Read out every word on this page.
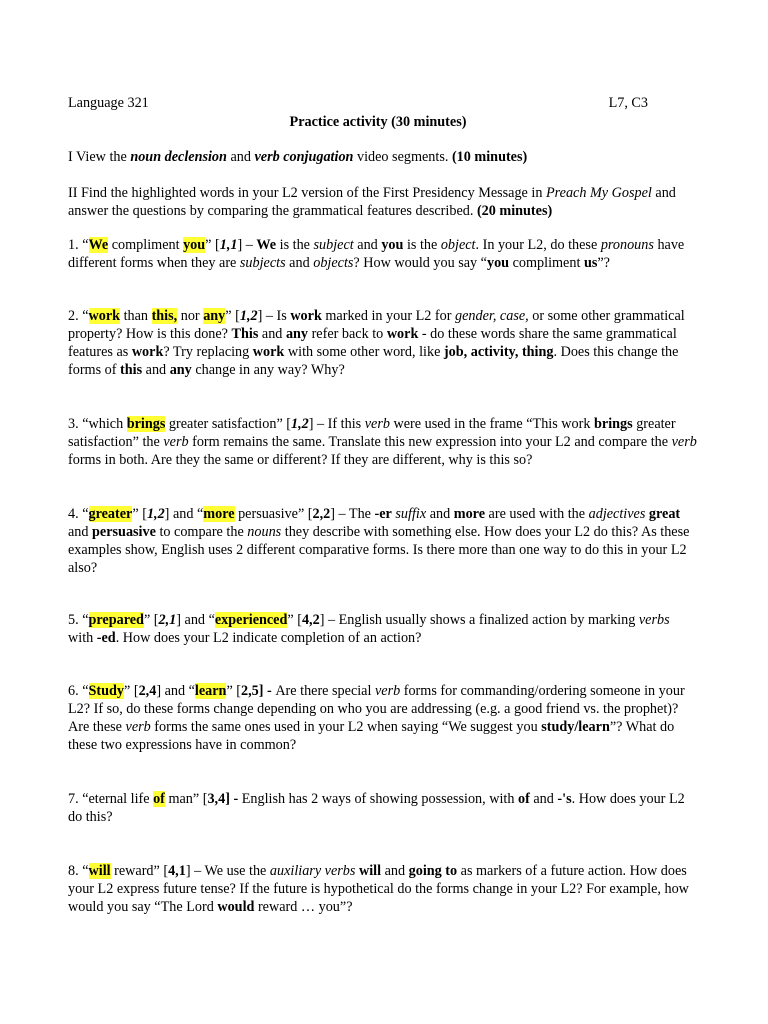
Language 321	L7, C3
Practice activity (30 minutes)

I View the noun declension and verb conjugation video segments. (10 minutes)

II Find the highlighted words in your L2 version of the First Presidency Message in Preach My Gospel and answer the questions by comparing the grammatical features described. (20 minutes)

1. “We compliment you” [1,1] – We is the subject and you is the object. In your L2, do these pronouns have different forms when they are subjects and objects? How would you say “you compliment us”?

2. “work than this, nor any” [1,2] – Is work marked in your L2 for gender, case, or some other grammatical property? How is this done? This and any refer back to work - do these words share the same grammatical features as work? Try replacing work with some other word, like job, activity, thing. Does this change the forms of this and any change in any way? Why?

3. “which brings greater satisfaction” [1,2] – If this verb were used in the frame “This work brings greater satisfaction” the verb form remains the same. Translate this new expression into your L2 and compare the verb forms in both. Are they the same or different? If they are different, why is this so?

4. “greater” [1,2] and “more persuasive” [2,2] – The -er suffix and more are used with the adjectives great and persuasive to compare the nouns they describe with something else. How does your L2 do this? As these examples show, English uses 2 different comparative forms. Is there more than one way to do this in your L2 also?

5. “prepared” [2,1] and “experienced” [4,2] – English usually shows a finalized action by marking verbs with -ed. How does your L2 indicate completion of an action?

6. “Study” [2,4] and “learn” [2,5] - Are there special verb forms for commanding/ordering someone in your L2? If so, do these forms change depending on who you are addressing (e.g. a good friend vs. the prophet)? Are these verb forms the same ones used in your L2 when saying “We suggest you study/learn”? What do these two expressions have in common?

7. “eternal life of man” [3,4] - English has 2 ways of showing possession, with of and -'s. How does your L2 do this?

8. “will reward” [4,1] – We use the auxiliary verbs will and going to as markers of a future action. How does your L2 express future tense? If the future is hypothetical do the forms change in your L2? For example, how would you say “The Lord would reward … you”?
